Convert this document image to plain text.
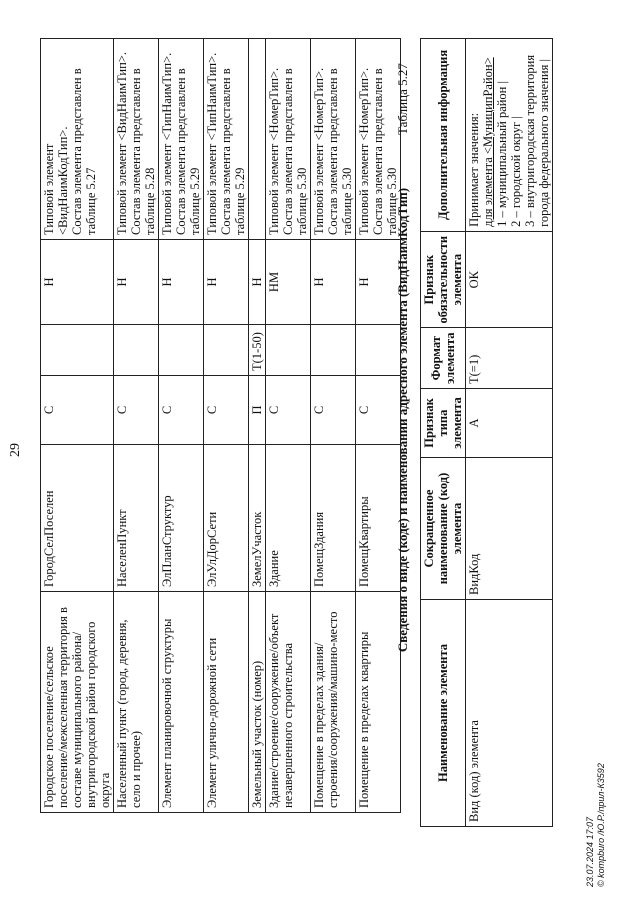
29
Городское поселение/сельское поселение/межселенная территория в составе муниципального района/внутригородской район городского округа	ГородСелПоселен	С		Н	Типовой элемент <ВидНаимКодТип>. Состав элемента представлен в таблице 5.27

Населенный пункт (город, деревня, село и прочее)	НаселенПункт	С		Н	Типовой элемент <ВидНаимТип>. Состав элемента представлен в таблице 5.28

Элемент планировочной структуры	ЭлПланСтруктур	С		Н	Типовой элемент <ТипНаимТип>. Состав элемента представлен в таблице 5.29

Элемент улично-дорожной сети	ЭлУлДорСети	С		Н	Типовой элемент <ТипНаимТип>. Состав элемента представлен в таблице 5.29

Земельный участок (номер)	ЗемелУчасток	П	T(1-50)	Н	

Здание/строение/сооружение/объект незавершенного строительства	Здание	С		НМ	Типовой элемент <НомерТип>. Состав элемента представлен в таблице 5.30

Помещение в пределах здания/строения/сооружения/машино-место	ПомещЗдания	С		Н	Типовой элемент <НомерТип>. Состав элемента представлен в таблице 5.30

Помещение в пределах квартиры	ПомещКвартиры	С		Н	Типовой элемент <НомерТип>. Состав элемента представлен в таблице 5.30
Таблица 5.27
Сведения о виде (коде) и наименовании адресного элемента (ВидНаимКодТип)
Наименование элемента	Сокращенное наименование (код) элемента	Признак типа элемента	Формат элемента	Признак обязательности элемента	Дополнительная информация
Вид (код) элемента	ВидКод	А	T(=1)	ОК	Принимает значения: для элемента <МуниципРайон> 1 – муниципальный район | 2 – городской округ | 3 – внутригородская территория города федерального значения |
23.07.2024 17:07 © kompburo /Ю.Р./прил-К3592
